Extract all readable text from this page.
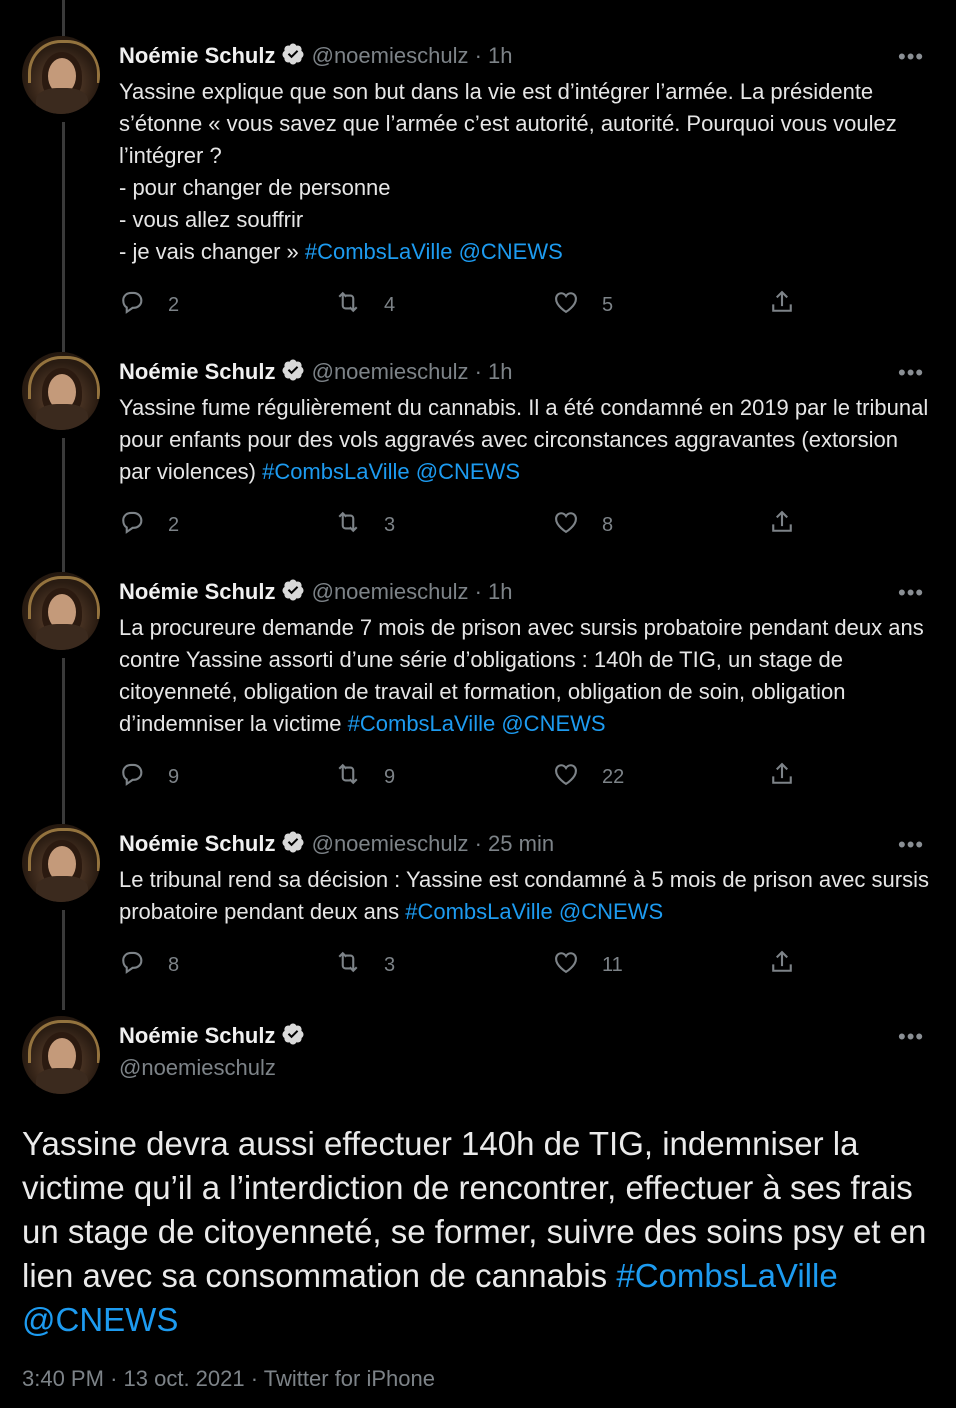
Noémie Schulz @noemieschulz · 1h	•••
Yassine explique que son but dans la vie est d’intégrer l’armée. La présidente s’étonne « vous savez que l’armée c’est autorité, autorité. Pourquoi vous voulez l’intégrer ?
- pour changer de personne
- vous allez souffrir
- je vais changer » #CombsLaVille @CNEWS
2	4	5
Noémie Schulz @noemieschulz · 1h	•••
Yassine fume régulièrement du cannabis. Il a été condamné en 2019 par le tribunal pour enfants pour des vols aggravés avec circonstances aggravantes (extorsion par violences) #CombsLaVille @CNEWS
2	3	8
Noémie Schulz @noemieschulz · 1h	•••
La procureure demande 7 mois de prison avec sursis probatoire pendant deux ans contre Yassine assorti d’une série d’obligations : 140h de TIG, un stage de citoyenneté, obligation de travail et formation, obligation de soin, obligation d’indemniser la victime #CombsLaVille @CNEWS
9	9	22
Noémie Schulz @noemieschulz · 25 min	•••
Le tribunal rend sa décision : Yassine est condamné à 5 mois de prison avec sursis probatoire pendant deux ans #CombsLaVille @CNEWS
8	3	11
Noémie Schulz
@noemieschulz
•••
Yassine devra aussi effectuer 140h de TIG, indemniser la victime qu’il a l’interdiction de rencontrer, effectuer à ses frais un stage de citoyenneté, se former, suivre des soins psy et en lien avec sa consommation de cannabis #CombsLaVille @CNEWS
3:40 PM · 13 oct. 2021 · Twitter for iPhone
